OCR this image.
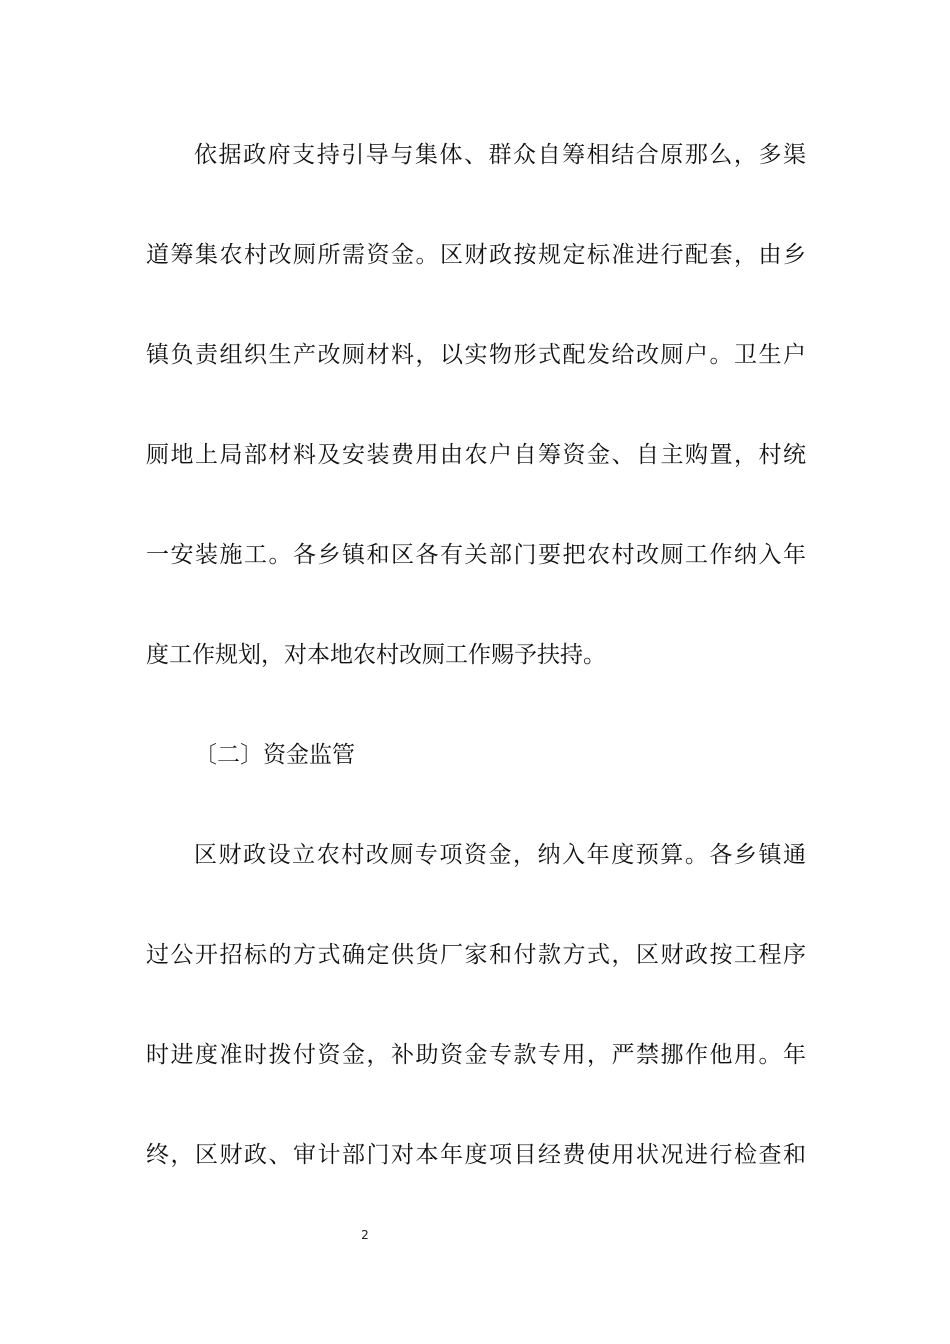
依据政府支持引导与集体、群众自筹相结合原那么，多渠
道筹集农村改厕所需资金。区财政按规定标准进行配套，由乡
镇负责组织生产改厕材料，以实物形式配发给改厕户。卫生户
厕地上局部材料及安装费用由农户自筹资金、自主购置，村统
一安装施工。各乡镇和区各有关部门要把农村改厕工作纳入年
度工作规划，对本地农村改厕工作赐予扶持。
〔二〕资金监管
区财政设立农村改厕专项资金，纳入年度预算。各乡镇通
过公开招标的方式确定供货厂家和付款方式，区财政按工程序
时进度准时拨付资金，补助资金专款专用，严禁挪作他用。年
终，区财政、审计部门对本年度项目经费使用状况进行检查和
2
